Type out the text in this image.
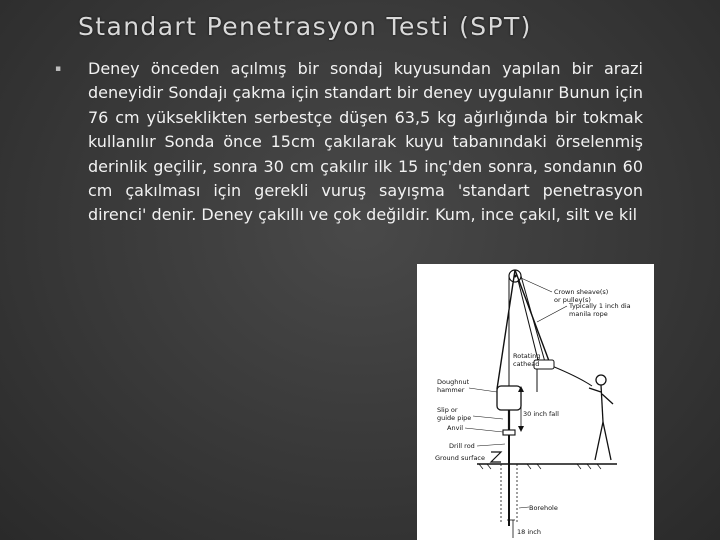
Standart Penetrasyon Testi (SPT)
▪ Deney önceden açılmış bir sondaj kuyusundan yapılan bir arazi deneyidir Sondajı çakma için standart bir deney uygulanır Bunun için 76 cm yükseklikten serbestçe düşen 63,5 kg ağırlığında bir tokmak kullanılır Sonda önce 15cm çakılarak kuyu tabanındaki örselenmiş derinlik geçilir, sonra 30 cm çakılır ilk 15 inç'den sonra, sondanın 60 cm çakılması için gerekli vuruş sayışma 'standart penetrasyon direnci' denir. Deney çakıllı ve çok değildir. Kum, ince çakıl, silt ve kil

Crown sheave(s)
or pulley(s)
Typically 1 inch dia
manila rope
Rotating
cathead
Doughnut
hammer
Slip or
guide pipe
Anvil
30 inch fall
Drill rod
Ground surface
Borehole
18 inch
